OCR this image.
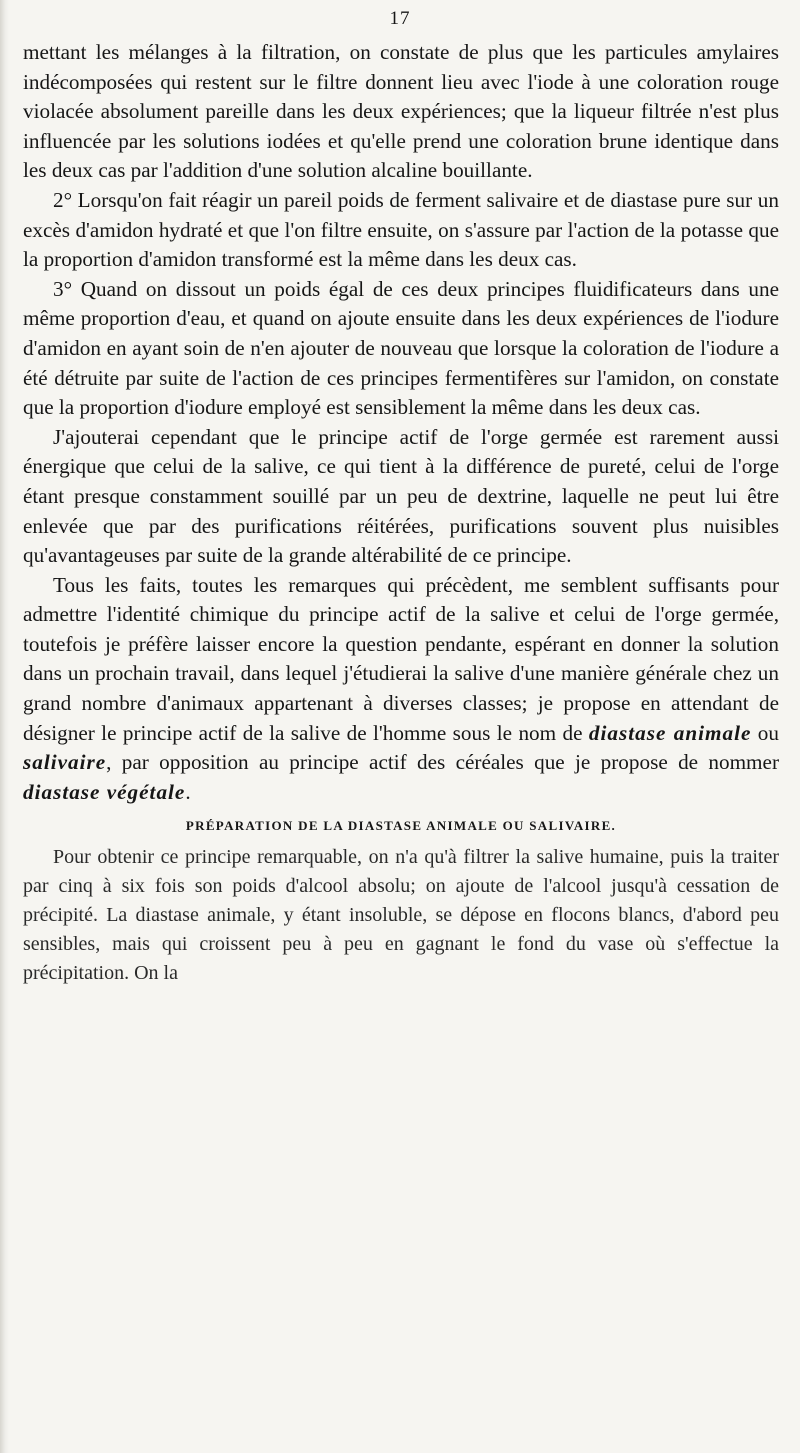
17

mettant les mélanges à la filtration, on constate de plus que les particules amylaires indécomposées qui restent sur le filtre donnent lieu avec l'iode à une coloration rouge violacée absolument pareille dans les deux expériences; que la liqueur filtrée n'est plus influencée par les solutions iodées et qu'elle prend une coloration brune identique dans les deux cas par l'addition d'une solution alcaline bouillante.

2° Lorsqu'on fait réagir un pareil poids de ferment salivaire et de diastase pure sur un excès d'amidon hydraté et que l'on filtre ensuite, on s'assure par l'action de la potasse que la proportion d'amidon transformé est la même dans les deux cas.

3° Quand on dissout un poids égal de ces deux principes fluidificateurs dans une même proportion d'eau, et quand on ajoute ensuite dans les deux expériences de l'iodure d'amidon en ayant soin de n'en ajouter de nouveau que lorsque la coloration de l'iodure a été détruite par suite de l'action de ces principes fermentifères sur l'amidon, on constate que la proportion d'iodure employé est sensiblement la même dans les deux cas.

J'ajouterai cependant que le principe actif de l'orge germée est rarement aussi énergique que celui de la salive, ce qui tient à la différence de pureté, celui de l'orge étant presque constamment souillé par un peu de dextrine, laquelle ne peut lui être enlevée que par des purifications réitérées, purifications souvent plus nuisibles qu'avantageuses par suite de la grande altérabilité de ce principe.

Tous les faits, toutes les remarques qui précèdent, me semblent suffisants pour admettre l'identité chimique du principe actif de la salive et celui de l'orge germée, toutefois je préfère laisser encore la question pendante, espérant en donner la solution dans un prochain travail, dans lequel j'étudierai la salive d'une manière générale chez un grand nombre d'animaux appartenant à diverses classes; je propose en attendant de désigner le principe actif de la salive de l'homme sous le nom de diastase animale ou salivaire, par opposition au principe actif des céréales que je propose de nommer diastase végétale.

PRÉPARATION DE LA DIASTASE ANIMALE OU SALIVAIRE.

Pour obtenir ce principe remarquable, on n'a qu'à filtrer la salive humaine, puis la traiter par cinq à six fois son poids d'alcool absolu; on ajoute de l'alcool jusqu'à cessation de précipité. La diastase animale, y étant insoluble, se dépose en flocons blancs, d'abord peu sensibles, mais qui croissent peu à peu en gagnant le fond du vase où s'effectue la précipitation. On la
